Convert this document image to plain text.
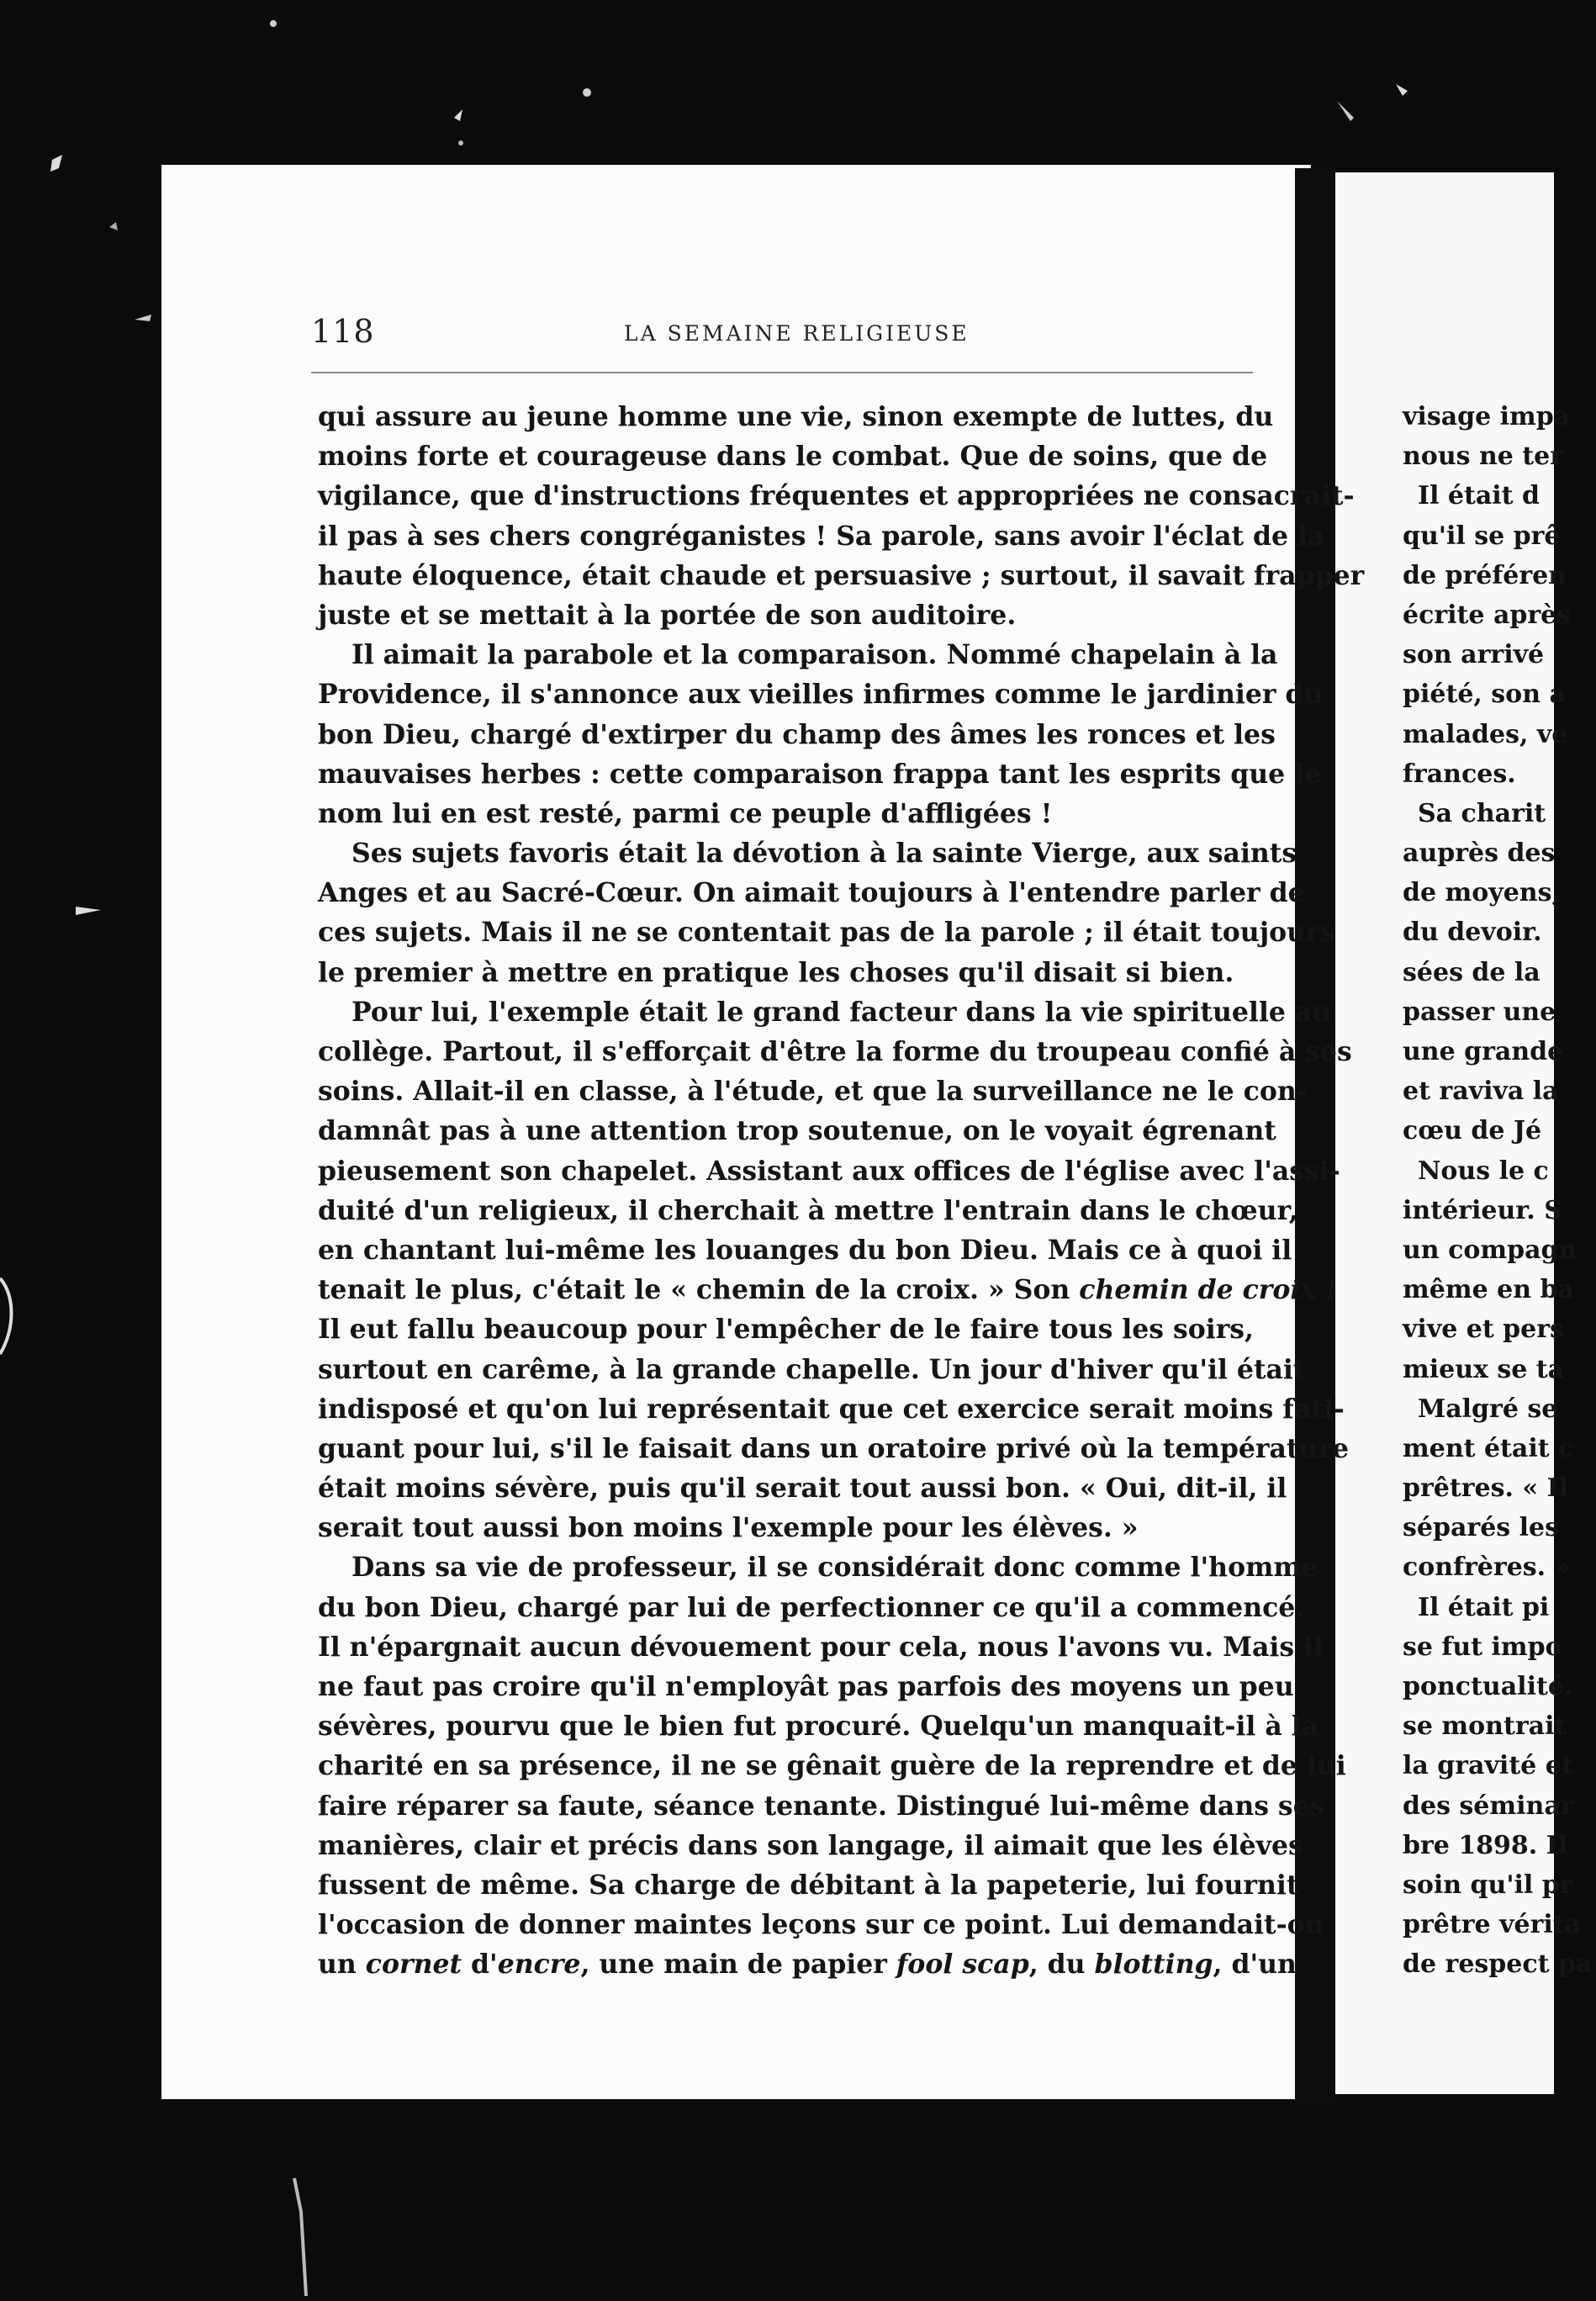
118	LA SEMAINE RELIGIEUSE
qui assure au jeune homme une vie, sinon exempte de luttes, du
moins forte et courageuse dans le combat. Que de soins, que de
vigilance, que d'instructions fréquentes et appropriées ne consacrait-
il pas à ses chers congréganistes ! Sa parole, sans avoir l'éclat de la
haute éloquence, était chaude et persuasive ; surtout, il savait frapper
juste et se mettait à la portée de son auditoire.
Il aimait la parabole et la comparaison. Nommé chapelain à la
Providence, il s'annonce aux vieilles infirmes comme le jardinier du
bon Dieu, chargé d'extirper du champ des âmes les ronces et les
mauvaises herbes : cette comparaison frappa tant les esprits que le
nom lui en est resté, parmi ce peuple d'affligées !
Ses sujets favoris était la dévotion à la sainte Vierge, aux saints
Anges et au Sacré-Cœur. On aimait toujours à l'entendre parler de
ces sujets. Mais il ne se contentait pas de la parole ; il était toujours
le premier à mettre en pratique les choses qu'il disait si bien.
Pour lui, l'exemple était le grand facteur dans la vie spirituelle au
collège. Partout, il s'efforçait d'être la forme du troupeau confié à ses
soins. Allait-il en classe, à l'étude, et que la surveillance ne le con-
damnât pas à une attention trop soutenue, on le voyait égrenant
pieusement son chapelet. Assistant aux offices de l'église avec l'assi-
duité d'un religieux, il cherchait à mettre l'entrain dans le chœur,
en chantant lui-même les louanges du bon Dieu. Mais ce à quoi il
tenait le plus, c'était le « chemin de la croix. » Son chemin de croix !
Il eut fallu beaucoup pour l'empêcher de le faire tous les soirs,
surtout en carême, à la grande chapelle. Un jour d'hiver qu'il était
indisposé et qu'on lui représentait que cet exercice serait moins fati-
guant pour lui, s'il le faisait dans un oratoire privé où la température
était moins sévère, puis qu'il serait tout aussi bon. « Oui, dit-il, il
serait tout aussi bon moins l'exemple pour les élèves. »
Dans sa vie de professeur, il se considérait donc comme l'homme
du bon Dieu, chargé par lui de perfectionner ce qu'il a commencé.
Il n'épargnait aucun dévouement pour cela, nous l'avons vu. Mais il
ne faut pas croire qu'il n'employât pas parfois des moyens un peu
sévères, pourvu que le bien fut procuré. Quelqu'un manquait-il à la
charité en sa présence, il ne se gênait guère de la reprendre et de lui
faire réparer sa faute, séance tenante. Distingué lui-même dans ses
manières, clair et précis dans son langage, il aimait que les élèves
fussent de même. Sa charge de débitant à la papeterie, lui fournit
l'occasion de donner maintes leçons sur ce point. Lui demandait-on
un cornet d'encre, une main de papier fool scap, du blotting, d'un
visage impa
nous ne ter
Il était d
qu'il se prê
de préféren
écrite après
son arrivé
piété, son a
malades, ve
frances.
Sa charit
auprès des
de moyens,
du devoir.
sées de la
passer une
une grande
et raviva la
cœu de Jé
Nous le c
intérieur. S
un compagn
même en ba
vive et pers
mieux se ta
Malgré se
ment était c
prêtres. « Il
séparés les
confrères. »
Il était pi
se fut impo
ponctualité.
se montrait
la gravité et
des séminar
bre 1898. Il
soin qu'il pr
prêtre vérita
de respect pa
